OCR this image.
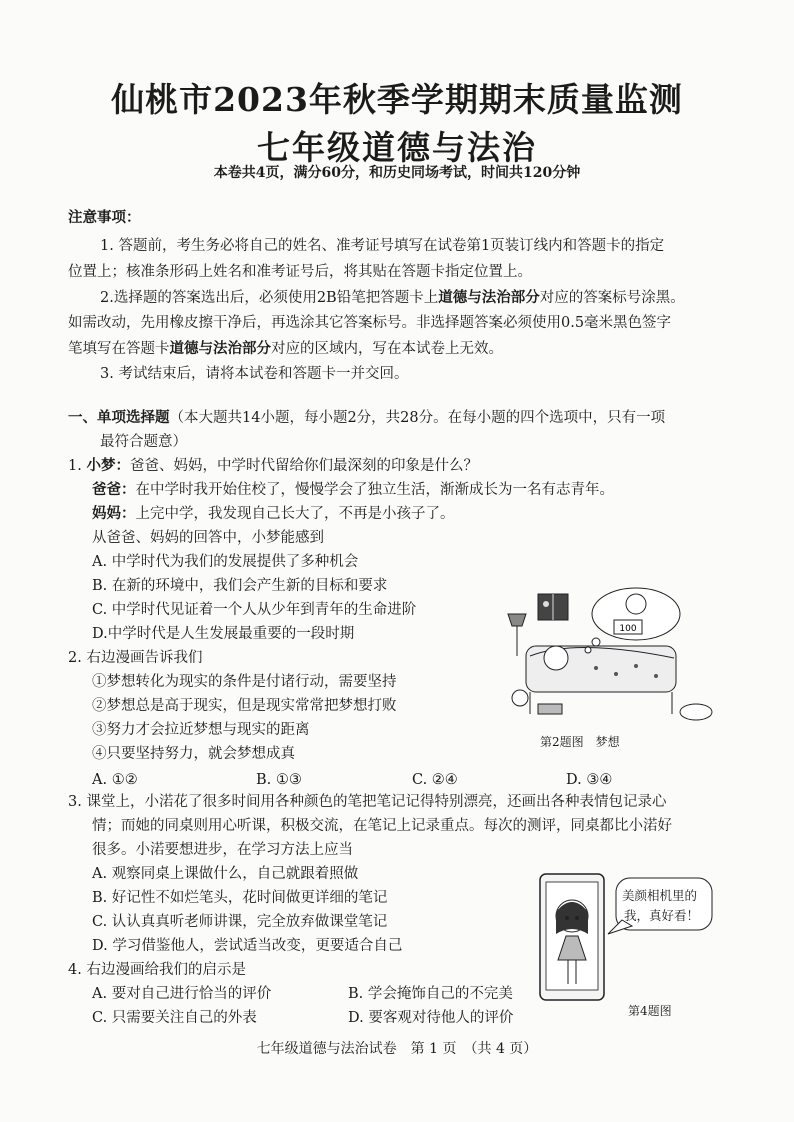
仙桃市2023年秋季学期期末质量监测
七年级道德与法治
本卷共4页，满分60分，和历史同场考试，时间共120分钟
注意事项：
1. 答题前，考生务必将自己的姓名、准考证号填写在试卷第1页装订线内和答题卡的指定
位置上；核准条形码上姓名和准考证号后，将其贴在答题卡指定位置上。
2.选择题的答案选出后，必须使用2B铅笔把答题卡上道德与法治部分对应的答案标号涂黑。
如需改动，先用橡皮擦干净后，再选涂其它答案标号。非选择题答案必须使用0.5毫米黑色签字
笔填写在答题卡道德与法治部分对应的区域内，写在本试卷上无效。
3. 考试结束后，请将本试卷和答题卡一并交回。
一、单项选择题（本大题共14小题，每小题2分，共28分。在每小题的四个选项中，只有一项
最符合题意）
1. 小梦：爸爸、妈妈，中学时代留给你们最深刻的印象是什么？
爸爸：在中学时我开始住校了，慢慢学会了独立生活，渐渐成长为一名有志青年。
妈妈：上完中学，我发现自己长大了，不再是小孩子了。
从爸爸、妈妈的回答中，小梦能感到
A. 中学时代为我们的发展提供了多种机会
B. 在新的环境中，我们会产生新的目标和要求
C. 中学时代见证着一个人从少年到青年的生命进阶
D.中学时代是人生发展最重要的一段时期
2. 右边漫画告诉我们
①梦想转化为现实的条件是付诸行动，需要坚持
②梦想总是高于现实，但是现实常常把梦想打败
③努力才会拉近梦想与现实的距离
④只要坚持努力，就会梦想成真
A. ①②	B. ①③	C. ②④	D. ③④
100
第2题图　梦想
3. 课堂上，小渃花了很多时间用各种颜色的笔把笔记记得特别漂亮，还画出各种表情包记录心
情；而她的同桌则用心听课，积极交流，在笔记上记录重点。每次的测评，同桌都比小渃好
很多。小渃要想进步，在学习方法上应当
A. 观察同桌上课做什么，自己就跟着照做
B. 好记性不如烂笔头，花时间做更详细的笔记
C. 认认真真听老师讲课，完全放弃做课堂笔记
D. 学习借鉴他人，尝试适当改变，更要适合自己
4. 右边漫画给我们的启示是
A. 要对自己进行恰当的评价	B. 学会掩饰自己的不完美
C. 只需要关注自己的外表	D. 要客观对待他人的评价
美颜相机里的
我，真好看！
第4题图
七年级道德与法治试卷　第 1 页　（共 4 页）
